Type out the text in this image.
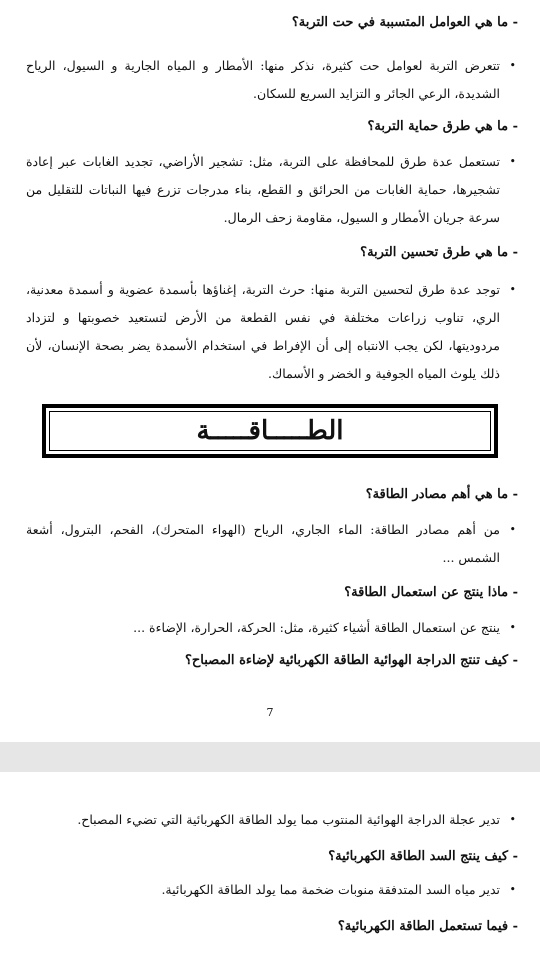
- ما هي العوامل المتسببة في حت التربة؟
•
تتعرض التربة لعوامل حت كثيرة، نذكر منها: الأمطار و المياه الجارية و السيول، الرياح الشديدة، الرعي الجائر و التزايد السريع للسكان.
- ما هي طرق حماية التربة؟
•
تستعمل عدة طرق للمحافظة على التربة، مثل: تشجير الأراضي، تجديد الغابات عبر إعادة تشجيرها، حماية الغابات من الحرائق و القطع، بناء مدرجات تزرع فيها النباتات للتقليل من سرعة جريان الأمطار و السيول، مقاومة زحف الرمال.
- ما هي طرق تحسين التربة؟
•
توجد عدة طرق لتحسين التربة منها: حرث التربة، إغناؤها بأسمدة عضوية و أسمدة معدنية، الري، تناوب زراعات مختلفة في نفس القطعة من الأرض لتستعيد خصوبتها و لتزداد مردوديتها، لكن يجب الانتباه إلى أن الإفراط في استخدام الأسمدة يضر بصحة الإنسان، لأن ذلك يلوث المياه الجوفية و الخضر و الأسماك.
الطـــــاقـــــة
- ما هي أهم مصادر الطاقة؟
•
من أهم مصادر الطاقة: الماء الجاري، الرياح (الهواء المتحرك)، الفحم، البترول، أشعة الشمس ...
- ماذا ينتج عن استعمال الطاقة؟
•
ينتج عن استعمال الطاقة أشياء كثيرة، مثل: الحركة، الحرارة، الإضاءة ...
- كيف تنتج الدراجة الهوائية الطاقة الكهربائية لإضاءة المصباح؟
7
•
تدير عجلة الدراجة الهوائية المنتوب مما يولد الطاقة الكهربائية التي تضيء المصباح.
- كيف ينتج السد الطاقة الكهربائية؟
•
تدير مياه السد المتدفقة منوبات ضخمة مما يولد الطاقة الكهربائية.
- فيما تستعمل الطاقة الكهربائية؟
